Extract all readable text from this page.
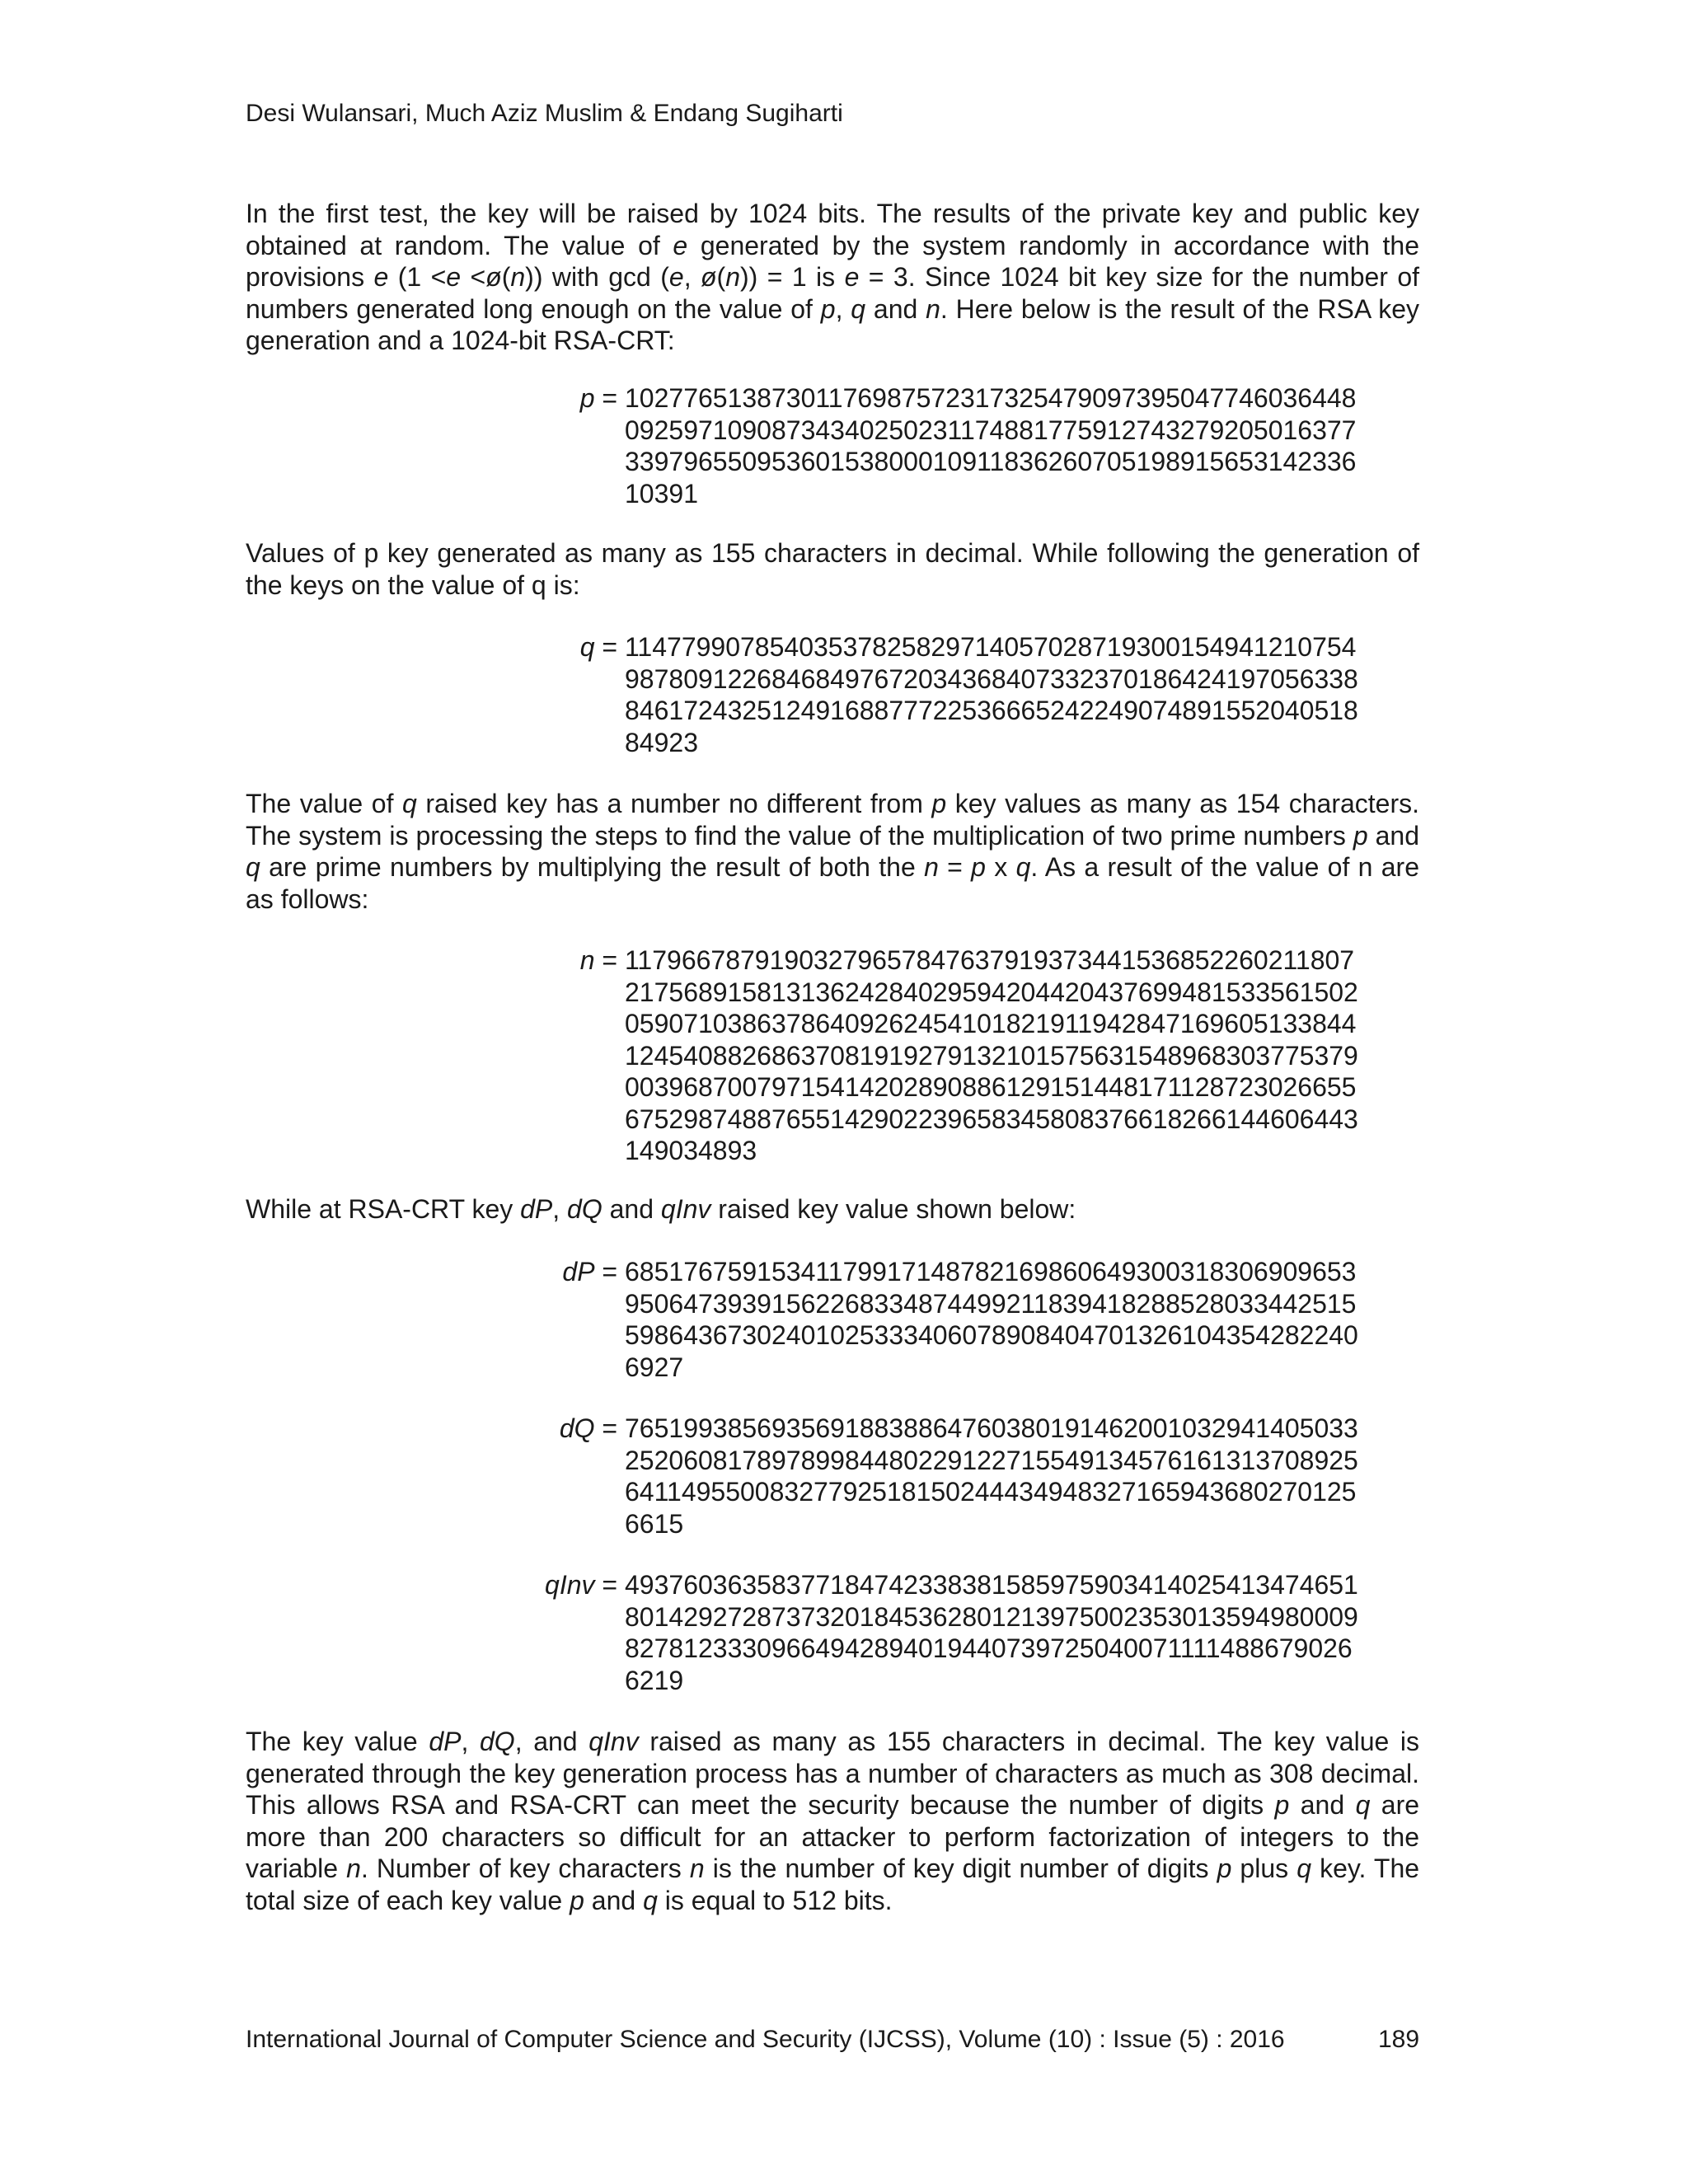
Desi Wulansari, Much Aziz Muslim & Endang Sugiharti

In the first test, the key will be raised by 1024 bits. The results of the private key and public key obtained at random. The value of e generated by the system randomly in accordance with the provisions e (1 <e <ø(n)) with gcd (e, ø(n)) = 1 is e = 3. Since 1024 bit key size for the number of numbers generated long enough on the value of p, q and n. Here below is the result of the RSA key generation and a 1024-bit RSA-CRT:

p = 10277651387301176987572317325479097395047746036448
09259710908734340250231174881775912743279205016377
33979655095360153800010911836260705198915653142336
10391

Values of p key generated as many as 155 characters in decimal. While following the generation of the keys on the value of q is:

q = 11477990785403537825829714057028719300154941210754
98780912268468497672034368407332370186424197056338
84617243251249168877722536665242249074891552040518
84923

The value of q raised key has a number no different from p key values as many as 154 characters. The system is processing the steps to find the value of the multiplication of two prime numbers p and q are prime numbers by multiplying the result of both the n = p x q. As a result of the value of n are as follows:

n = 11796678791903279657847637919373441536852260211807
21756891581313624284029594204420437699481533561502
05907103863786409262454101821911942847169605133844
12454088268637081919279132101575631548968303775379
00396870079715414202890886129151448171128723026655
67529874887655142902239658345808376618266144606443
149034893

While at RSA-CRT key dP, dQ and qInv raised key value shown below:

dP = 68517675915341179917148782169860649300318306909653
95064739391562268334874499211839418288528033442515
59864367302401025333406078908404701326104354282240
6927
dQ = 76519938569356918838864760380191462001032941405033
25206081789789984480229122715549134576161313708925
64114955008327792518150244434948327165943680270125
6615
qInv = 49376036358377184742338381585975903414025413474651
80142927287373201845362801213975002353013594980009
82781233309664942894019440739725040071111488679026
6219

The key value dP, dQ, and qInv raised as many as 155 characters in decimal. The key value is generated through the key generation process has a number of characters as much as 308 decimal. This allows RSA and RSA-CRT can meet the security because the number of digits p and q are more than 200 characters so difficult for an attacker to perform factorization of integers to the variable n. Number of key characters n is the number of key digit number of digits p plus q key. The total size of each key value p and q is equal to 512 bits.

International Journal of Computer Science and Security (IJCSS), Volume (10) : Issue (5) : 2016	189
